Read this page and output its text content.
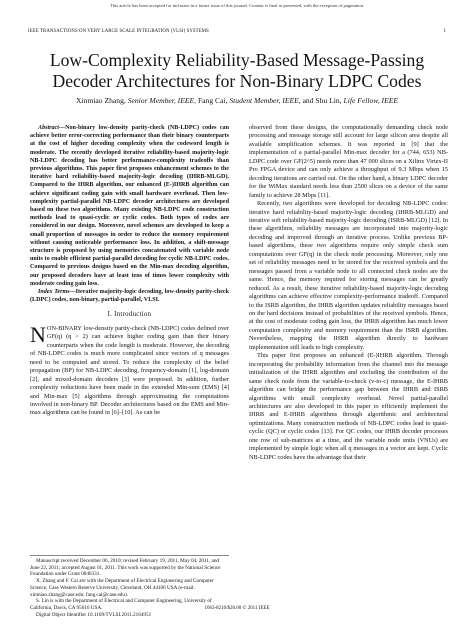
This article has been accepted for inclusion in a future issue of this journal. Content is final as presented, with the exception of pagination.
IEEE TRANSACTIONS ON VERY LARGE SCALE INTEGRATION (VLSI) SYSTEMS	1
Low-Complexity Reliability-Based Message-Passing Decoder Architectures for Non-Binary LDPC Codes
Xinmiao Zhang, Senior Member, IEEE, Fang Cai, Student Member, IEEE, and Shu Lin, Life Fellow, IEEE

Abstract—Non-binary low-density parity-check (NB-LDPC) codes can achieve better error-correcting performance than their binary counterparts at the cost of higher decoding complexity when the codeword length is moderate. The recently developed iterative reliability-based majority-logic NB-LDPC decoding has better performance-complexity tradeoffs than previous algorithms. This paper first proposes enhancement schemes to the iterative hard reliability-based majority-logic decoding (IHRB-MLGD). Compared to the IHRB algorithm, our enhanced (E-)IHRB algorithm can achieve significant coding gain with small hardware overhead. Then low-complexity partial-parallel NB-LDPC decoder architectures are developed based on these two algorithms. Many existing NB-LDPC code construction methods lead to quasi-cyclic or cyclic codes. Both types of codes are considered in our design. Moreover, novel schemes are developed to keep a small proportion of messages in order to reduce the memory requirement without causing noticeable performance loss. In addition, a shift-message structure is proposed by using memories concatenated with variable node units to enable efficient partial-parallel decoding for cyclic NB-LDPC codes. Compared to previous designs based on the Min-max decoding algorithm, our proposed decoders have at least tens of times lower complexity with moderate coding gain loss.

Index Terms—Iterative majority-logic decoding, low-density parity-check (LDPC) codes, non-binary, partial-parallel, VLSI.

I. Introduction

NON-BINARY low-density parity-check (NB-LDPC) codes defined over GF(q) (q > 2) can achieve higher coding gain than their binary counterparts when the code length is moderate. However, the decoding of NB-LDPC codes is much more complicated since vectors of q messages need to be computed and stored. To reduce the complexity of the belief propagation (BP) for NB-LDPC decoding, frequency-domain [1], log-domain [2], and mixed-domain decoders [3] were proposed. In addition, further complexity reductions have been made in the extended Min-sum (EMS) [4] and Min-max [5] algorithms through approximating the computations involved in non-binary BP. Decoder architectures based on the EMS and Min-max algorithms can be found in [6]–[10]. As can be

Manuscript received December 06, 2010; revised February 19, 2011, May 04, 2011, and June 22, 2011; accepted August 01, 2011. This work was supported by the National Science Foundation under Grant 0846331.

X. Zhang and F. Cai are with the Department of Electrical Engineering and Computer Science, Case Western Reserve University, Cleveland, OH 44106 USA (e-mail: xinmiao.zhang@case.edu; fang.cai@case.edu).

S. Lin is with the Department of Electrical and Computer Engineering, University of California, Davis, CA 95616 USA.

Digital Object Identifier 10.1109/TVLSI.2011.2164951

observed from these designs, the computationally demanding check node processing and message storage still account for large silicon area despite all available simplification schemes. It was reported in [9] that the implementation of a partial-parallel Min-max decoder for a (744, 653) NB-LDPC code over GF(2^5) needs more than 47 000 slices on a Xilinx Virtex-II Pro FPGA device and can only achieve a throughput of 9.3 Mbps when 15 decoding iterations are carried out. On the other hand, a binary LDPC decoder for the WiMax standard needs less than 2500 slices on a device of the same family to achieve 28 Mbps [11].

Recently, two algorithms were developed for decoding NB-LDPC codes: iterative hard reliability-based majority-logic decoding (IHRB-MLGD) and iterative soft reliability-based majority-logic decoding (ISRB-MLGD) [12]. In these algorithms, reliability messages are incorporated into majority-logic decoding and improved through an iterative process. Unlike previous BP-based algorithms, these two algorithms require only simple check sum computations over GF(q) in the check node processing. Moreover, only one set of reliability messages need to be stored for the received symbols and the messages passed from a variable node to all connected check nodes are the same. Hence, the memory required for storing messages can be greatly reduced. As a result, these iterative reliability-based majority-logic decoding algorithms can achieve effective complexity-performance tradeoff. Compared to the ISRB algorithm, the IHRB algorithm updates reliability messages based on the hard decisions instead of probabilities of the received symbols. Hence, at the cost of moderate coding gain loss, the IHRB algorithm has much lower computation complexity and memory requirement than the ISRB algorithm. Nevertheless, mapping the IHRB algorithm directly to hardware implementation still leads to high complexity.

This paper first proposes an enhanced (E-)IHRB algorithm. Through incorporating the probability information from the channel into the message initialization of the IHRB algorithm and excluding the contribution of the same check node from the variable-to-check (v-to-c) message, the E-IHRB algorithm can bridge the performance gap between the IHRB and ISRB algorithms with small complexity overhead. Novel partial-parallel architectures are also developed in this paper to efficiently implement the IHRB and E-IHRB algorithms through algorithmic and architectural optimizations. Many construction methods of NB-LDPC codes lead to quasi-cyclic (QC) or cyclic codes [13]. For QC codes, our IHRB decoder processes one row of sub-matrices at a time, and the variable node units (VNUs) are implemented by simple logic when all q messages in a vector are kept. Cyclic NB-LDPC codes have the advantage that their

1063-8210/$26.00 © 2011 IEEE
